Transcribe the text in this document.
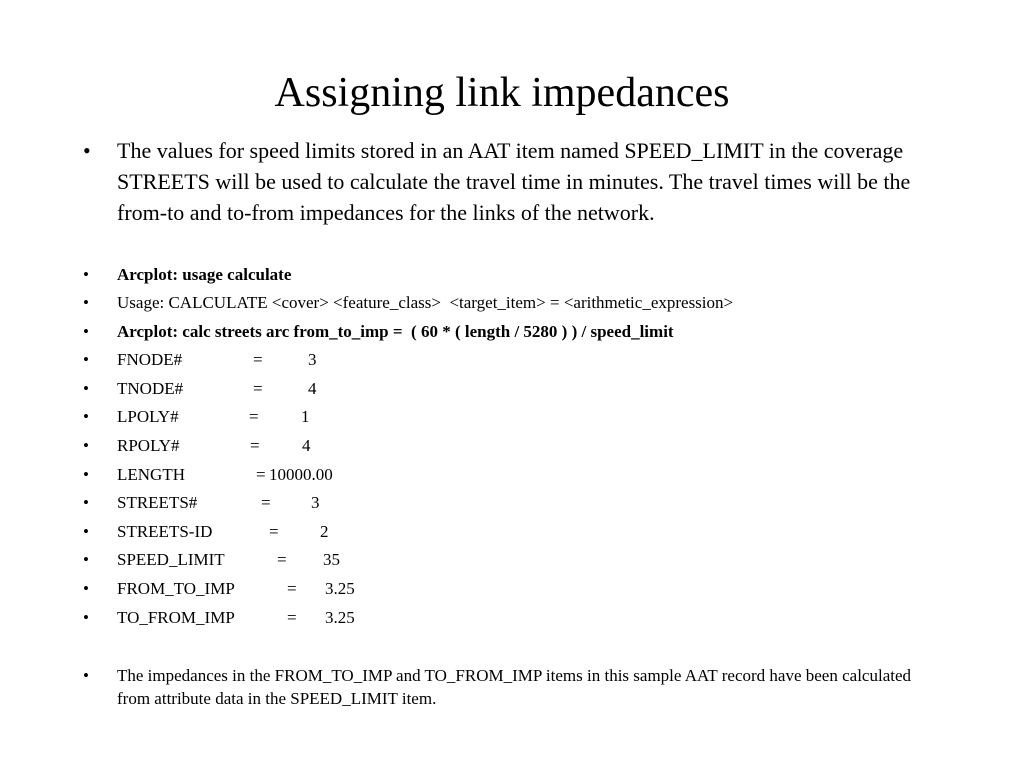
Assigning link impedances
• The values for speed limits stored in an AAT item named SPEED_LIMIT in the coverage STREETS will be used to calculate the travel time in minutes. The travel times will be the from-to and to-from impedances for the links of the network.
• Arcplot: usage calculate
• Usage: CALCULATE <cover> <feature_class>  <target_item> = <arithmetic_expression>
• Arcplot: calc streets arc from_to_imp =  ( 60 * ( length / 5280 ) ) / speed_limit
• FNODE#	=	3
• TNODE#	=	4
• LPOLY#	= 1
• RPOLY#	= 4
• LENGTH	= 10000.00
• STREETS#	= 3
• STREETS-ID	= 2
• SPEED_LIMIT	= 35
• FROM_TO_IMP	= 3.25
• TO_FROM_IMP	= 3.25
• The impedances in the FROM_TO_IMP and TO_FROM_IMP items in this sample AAT record have been calculated from attribute data in the SPEED_LIMIT item.
